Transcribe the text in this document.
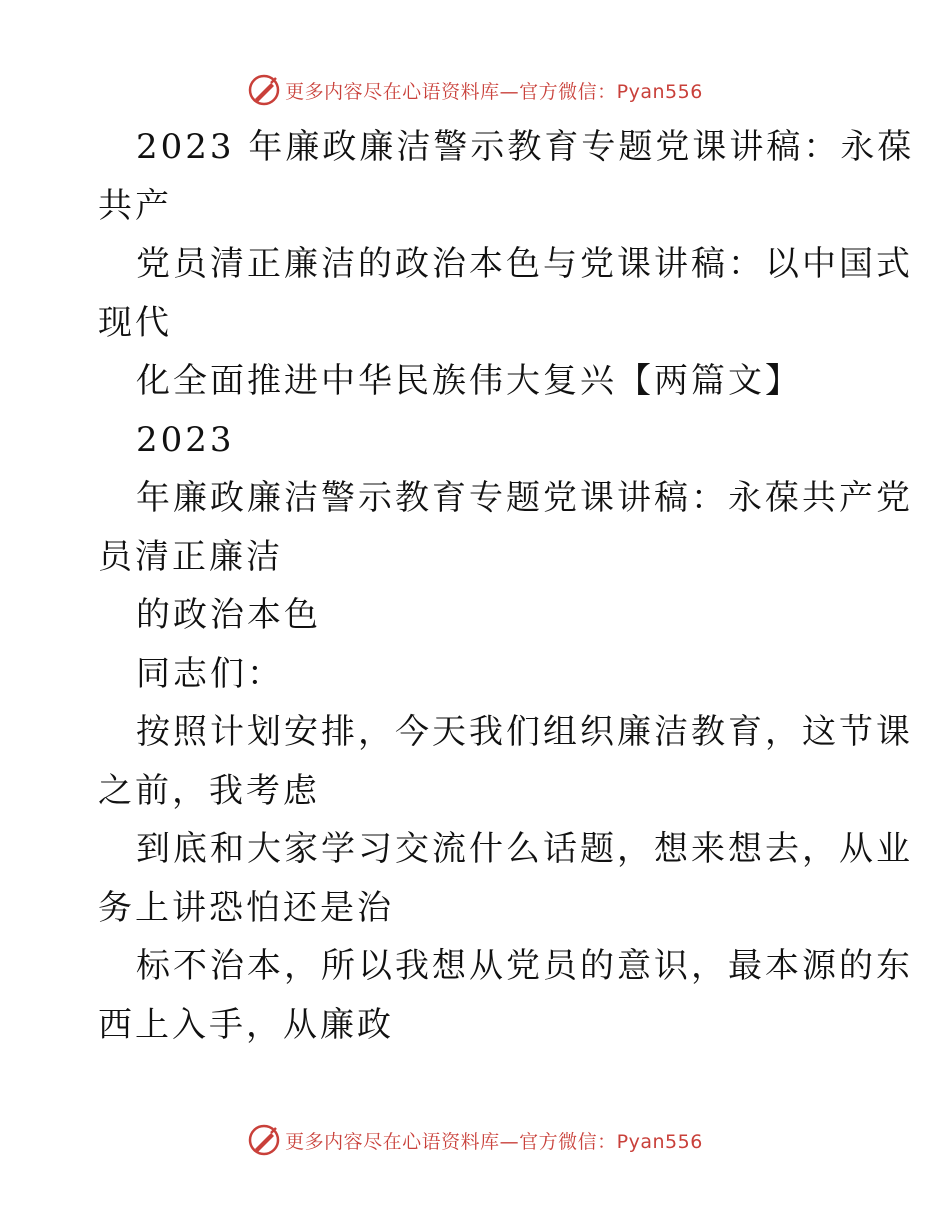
更多内容尽在心语资料库—官方微信：Pyan556
2023 年廉政廉洁警示教育专题党课讲稿：永葆
共产
党员清正廉洁的政治本色与党课讲稿：以中国式
现代
化全面推进中华民族伟大复兴【两篇文】
2023
年廉政廉洁警示教育专题党课讲稿：永葆共产党
员清正廉洁
的政治本色
同志们：
按照计划安排，今天我们组织廉洁教育，这节课
之前，我考虑
到底和大家学习交流什么话题，想来想去，从业
务上讲恐怕还是治
标不治本，所以我想从党员的意识，最本源的东
西上入手，从廉政
更多内容尽在心语资料库—官方微信：Pyan556
